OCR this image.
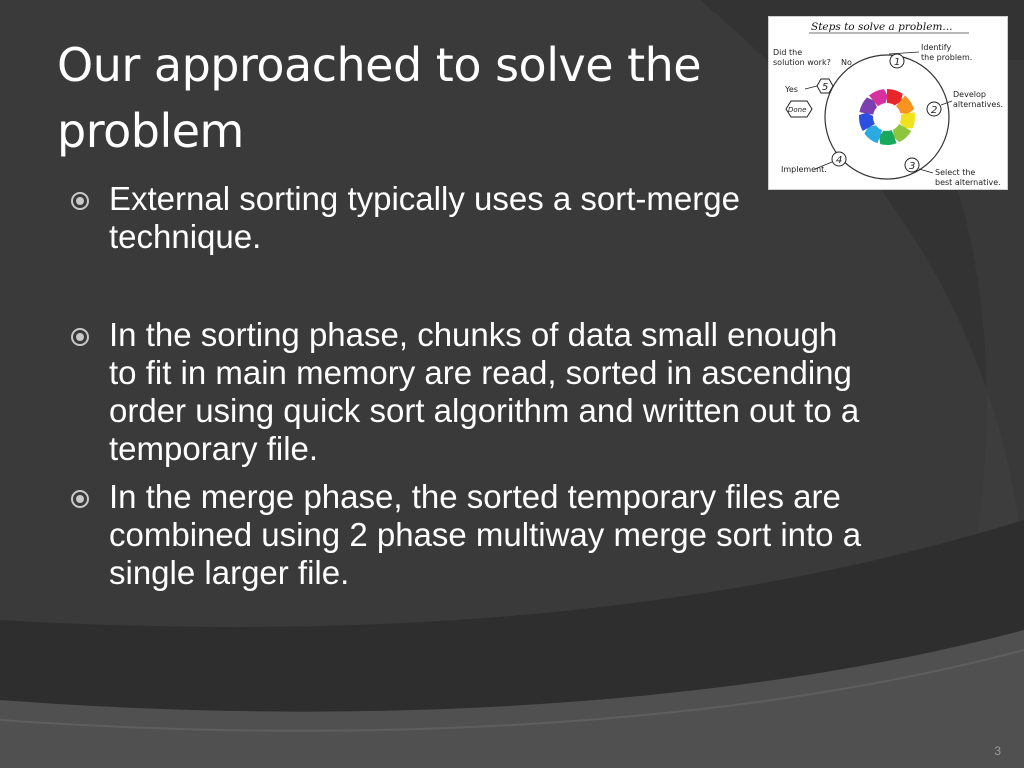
Our approached to solve the problem
Steps to solve a problem...
1
Identify
the problem.
2
Develop
alternatives.
3
Select the
best alternative.
4
Implement.
5
Did the
solution work? No
Yes
Done
External sorting typically uses a sort-merge technique.
In the sorting phase, chunks of data small enough to fit in main memory are read, sorted in ascending order using quick sort algorithm and written out to a temporary file.
In the merge phase, the sorted temporary files are combined using 2 phase multiway merge sort into a single larger file.
3
